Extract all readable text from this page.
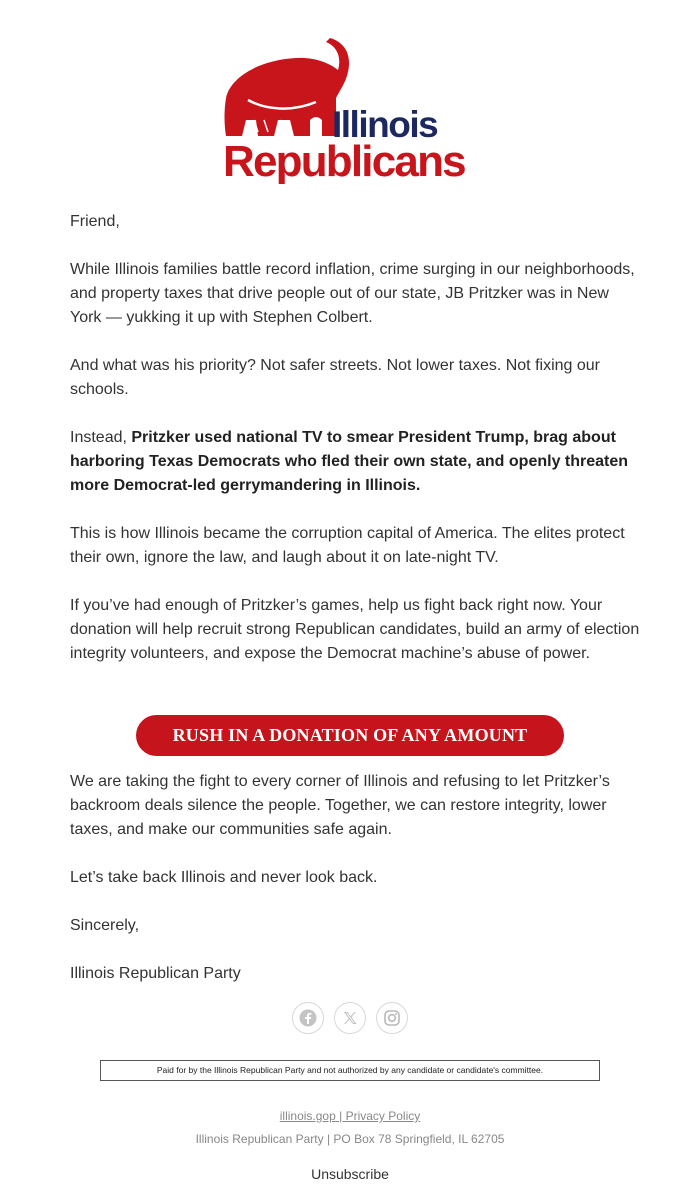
Illinois
Republicans

Friend,

While Illinois families battle record inflation, crime surging in our neighborhoods, and property taxes that drive people out of our state, JB Pritzker was in New York — yukking it up with Stephen Colbert.

And what was his priority? Not safer streets. Not lower taxes. Not fixing our schools.

Instead, Pritzker used national TV to smear President Trump, brag about harboring Texas Democrats who fled their own state, and openly threaten more Democrat-led gerrymandering in Illinois.

This is how Illinois became the corruption capital of America. The elites protect their own, ignore the law, and laugh about it on late-night TV.

If you’ve had enough of Pritzker’s games, help us fight back right now. Your donation will help recruit strong Republican candidates, build an army of election integrity volunteers, and expose the Democrat machine’s abuse of power.

RUSH IN A DONATION OF ANY AMOUNT

We are taking the fight to every corner of Illinois and refusing to let Pritzker’s backroom deals silence the people. Together, we can restore integrity, lower taxes, and make our communities safe again.

Let’s take back Illinois and never look back.

Sincerely,

Illinois Republican Party

Paid for by the Illinois Republican Party and not authorized by any candidate or candidate's committee.
illinois.gop | Privacy Policy
Illinois Republican Party | PO Box 78 Springfield, IL 62705
Unsubscribe
